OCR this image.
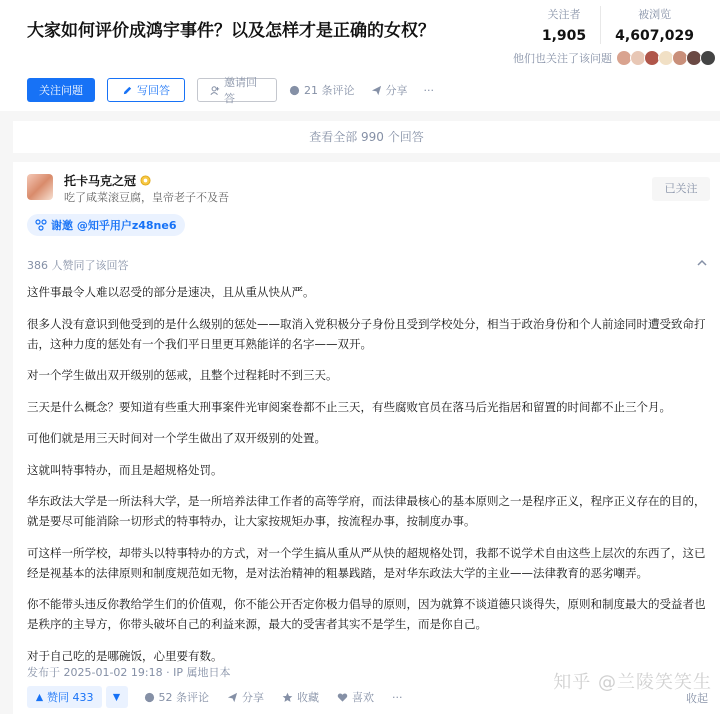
大家如何评价成鸿宇事件？以及怎样才是正确的女权？
关注者
1,905
被浏览
4,607,029
他们也关注了该问题
关注问题	写回答
邀请回答
21 条评论	分享 ···
查看全部 990 个回答
托卡马克之冠
吃了咸菜滚豆腐，皇帝老子不及吾
已关注
谢邀 @知乎用户z48ne6
386 人赞同了该回答

这件事最令人难以忍受的部分是速决，且从重从快从严。

很多人没有意识到他受到的是什么级别的惩处——取消入党积极分子身份且受到学校处分，相当于政治身份和个人前途同时遭受致命打击，这种力度的惩处有一个我们平日里更耳熟能详的名字——双开。

对一个学生做出双开级别的惩戒，且整个过程耗时不到三天。

三天是什么概念？要知道有些重大刑事案件光审阅案卷都不止三天，有些腐败官员在落马后光指居和留置的时间都不止三个月。

可他们就是用三天时间对一个学生做出了双开级别的处置。

这就叫特事特办，而且是超规格处罚。

华东政法大学是一所法科大学，是一所培养法律工作者的高等学府，而法律最核心的基本原则之一是程序正义，程序正义存在的目的，就是要尽可能消除一切形式的特事特办，让大家按规矩办事，按流程办事，按制度办事。

可这样一所学校，却带头以特事特办的方式，对一个学生搞从重从严从快的超规格处罚，我都不说学术自由这些上层次的东西了，这已经是视基本的法律原则和制度规范如无物，是对法治精神的粗暴践踏，是对华东政法大学的主业——法律教育的恶劣嘲弄。

你不能带头违反你教给学生们的价值观，你不能公开否定你极力倡导的原则，因为就算不谈道德只谈得失，原则和制度最大的受益者也是秩序的主导方，你带头破坏自己的利益来源，最大的受害者其实不是学生，而是你自己。

对于自己吃的是哪碗饭，心里要有数。

发布于 2025-01-02 19:18 · IP 属地日本	知乎 @兰陵笑笑生
赞同 433	52 条评论	分享	收藏	喜欢 ···	收起
